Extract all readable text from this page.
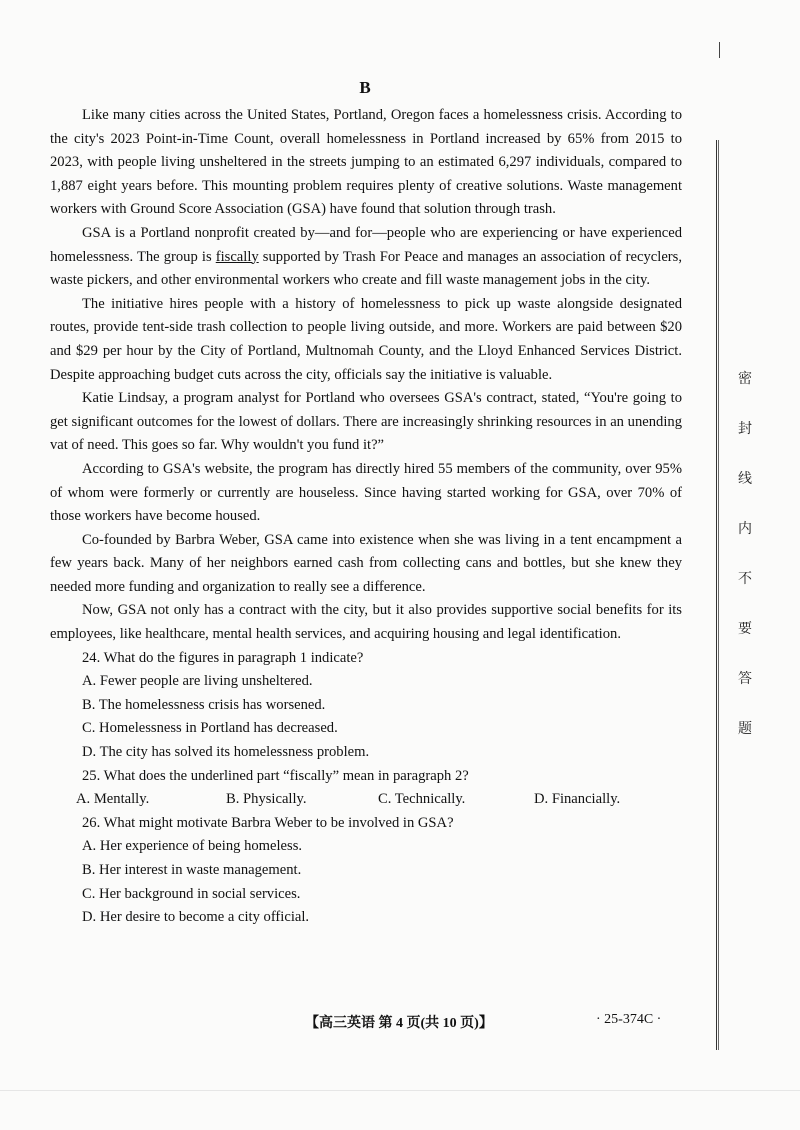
B

Like many cities across the United States, Portland, Oregon faces a homelessness crisis. According to the city's 2023 Point-in-Time Count, overall homelessness in Portland increased by 65% from 2015 to 2023, with people living unsheltered in the streets jumping to an estimated 6,297 individuals, compared to 1,887 eight years before. This mounting problem requires plenty of creative solutions. Waste management workers with Ground Score Association (GSA) have found that solution through trash.

GSA is a Portland nonprofit created by—and for—people who are experiencing or have experienced homelessness. The group is fiscally supported by Trash For Peace and manages an association of recyclers, waste pickers, and other environmental workers who create and fill waste management jobs in the city.

The initiative hires people with a history of homelessness to pick up waste alongside designated routes, provide tent-side trash collection to people living outside, and more. Workers are paid between $20 and $29 per hour by the City of Portland, Multnomah County, and the Lloyd Enhanced Services District. Despite approaching budget cuts across the city, officials say the initiative is valuable.

Katie Lindsay, a program analyst for Portland who oversees GSA's contract, stated, “You're going to get significant outcomes for the lowest of dollars. There are increasingly shrinking resources in an unending vat of need. This goes so far. Why wouldn't you fund it?”

According to GSA's website, the program has directly hired 55 members of the community, over 95% of whom were formerly or currently are houseless. Since having started working for GSA, over 70% of those workers have become housed.

Co-founded by Barbra Weber, GSA came into existence when she was living in a tent encampment a few years back. Many of her neighbors earned cash from collecting cans and bottles, but she knew they needed more funding and organization to really see a difference.

Now, GSA not only has a contract with the city, but it also provides supportive social benefits for its employees, like healthcare, mental health services, and acquiring housing and legal identification.

24. What do the figures in paragraph 1 indicate?

A. Fewer people are living unsheltered.

B. The homelessness crisis has worsened.

C. Homelessness in Portland has decreased.

D. The city has solved its homelessness problem.

25. What does the underlined part “fiscally” mean in paragraph 2?

A. Mentally.	B. Physically.	C. Technically.	D. Financially.

26. What might motivate Barbra Weber to be involved in GSA?

A. Her experience of being homeless.

B. Her interest in waste management.

C. Her background in social services.

D. Her desire to become a city official.

密
封
线
内
不
要
答
题
【高三英语 第 4 页(共 10 页)】	· 25-374C ·
